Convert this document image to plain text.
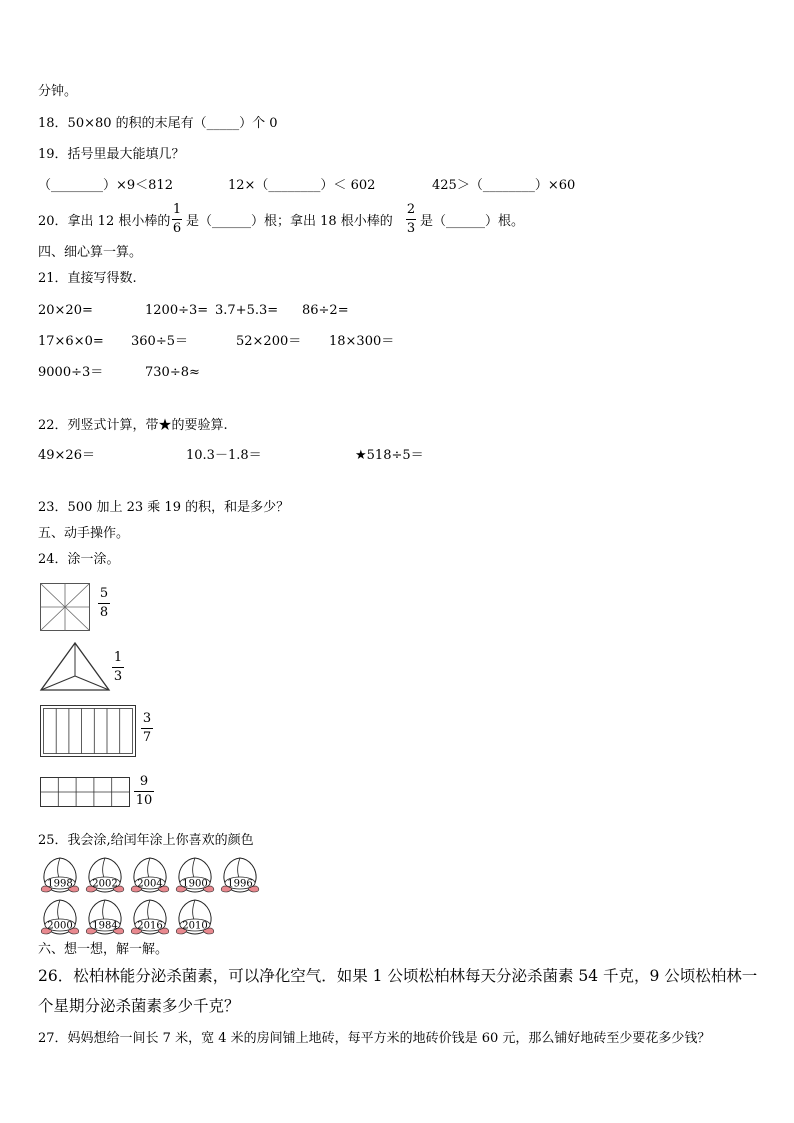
分钟。
18．50×80 的积的末尾有（_____）个 0
19．括号里最大能填几？
（________）×9＜812	12×（________）＜ 602	425＞（________）×60
20．拿出 12 根小棒的
1
6 是（______）根；拿出 18 根小棒的
2
3 是（______）根。
四、细心算一算。
21．直接写得数.
20×20=	1200÷3= 3.7+5.3= 86÷2=
17×6×0= 360÷5＝	52×200＝ 18×300＝
9000÷3＝	730÷8≈
22．列竖式计算，带★的要验算.
49×26＝	10.3－1.8＝	★518÷5＝
23．500 加上 23 乘 19 的积，和是多少？
五、动手操作。
24．涂一涂。
5
8
1
3
3
7
9
10
25．我会涂,给闰年涂上你喜欢的颜色
1998 2002 2004 1900 1996
2000 1984 2016 2010
六、想一想，解一解。
26．松柏林能分泌杀菌素，可以净化空气．如果 1 公顷松柏林每天分泌杀菌素 54 千克，9 公顷松柏林一
个星期分泌杀菌素多少千克？
27．妈妈想给一间长 7 米，宽 4 米的房间铺上地砖，每平方米的地砖价钱是 60 元，那么铺好地砖至少要花多少钱？
